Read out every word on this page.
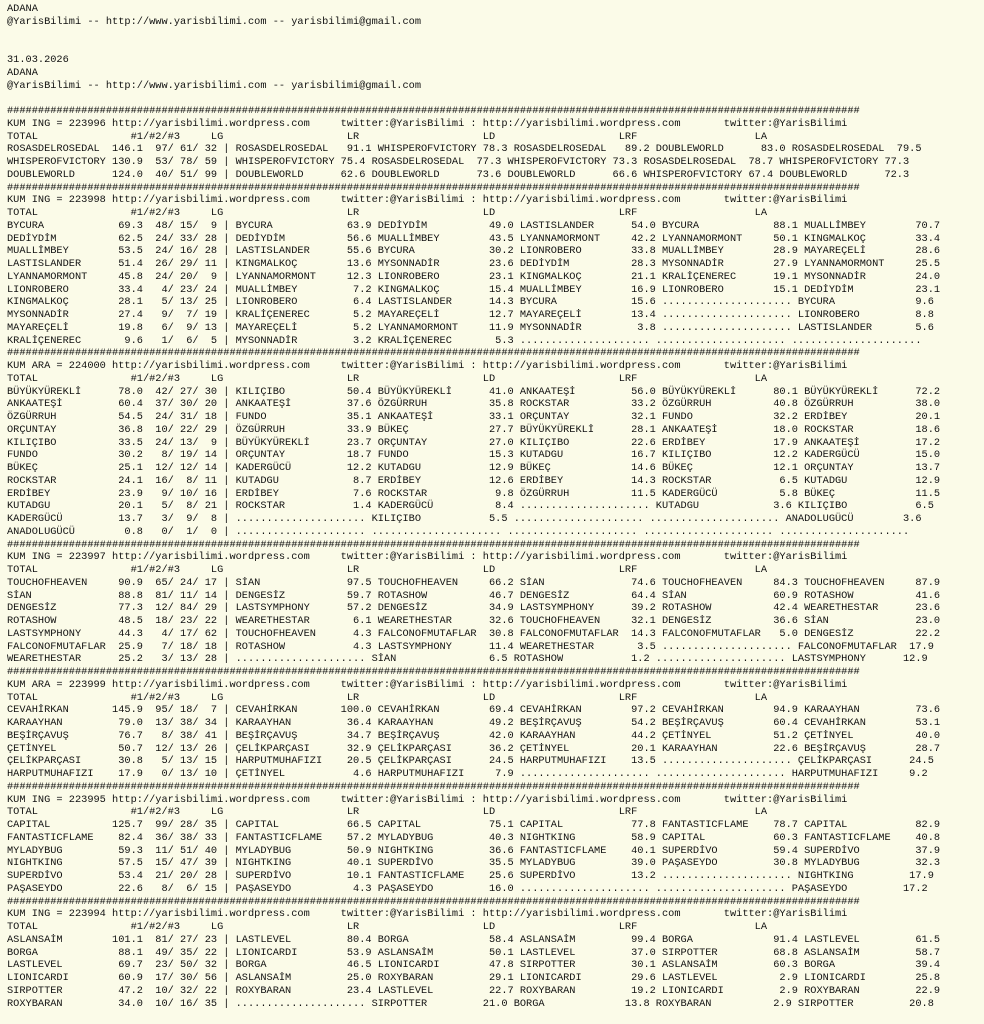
ADANA
@YarisBilimi -- http://www.yarisbilimi.com -- yarisbilimi@gmail.com
31.03.2026
ADANA
@YarisBilimi -- http://www.yarisbilimi.com -- yarisbilimi@gmail.com
##########################################################################################################################################
KUM ING = 223996 http://yarisbilimi.wordpress.com     twitter:@YarisBilimi : http://yarisbilimi.wordpress.com       twitter:@YarisBilimi
TOTAL               #1/#2/#3     LG                    LR                    LD                    LRF                   LA
ROSASDELROSEDAL  146.1  97/ 61/ 32 | ROSASDELROSEDAL   91.1 WHISPEROFVICTORY 78.3 ROSASDELROSEDAL   89.2 DOUBLEWORLD      83.0 ROSASDELROSEDAL  79.5
WHISPEROFVICTORY 130.9  53/ 78/ 59 | WHISPEROFVICTORY 75.4 ROSASDELROSEDAL  77.3 WHISPEROFVICTORY 73.3 ROSASDELROSEDAL  78.7 WHISPEROFVICTORY 77.3
DOUBLEWORLD      124.0  40/ 51/ 99 | DOUBLEWORLD      62.6 DOUBLEWORLD      73.6 DOUBLEWORLD      66.6 WHISPEROFVICTORY 67.4 DOUBLEWORLD      72.3
##########################################################################################################################################
KUM ING = 223998 http://yarisbilimi.wordpress.com     twitter:@YarisBilimi : http://yarisbilimi.wordpress.com       twitter:@YarisBilimi
TOTAL               #1/#2/#3     LG                    LR                    LD                    LRF                   LA
BYCURA            69.3  48/ 15/  9 | BYCURA            63.9 DEDİYDİM          49.0 LASTISLANDER      54.0 BYCURA            88.1 MUALLİMBEY        70.7
DEDİYDİM          62.5  24/ 33/ 28 | DEDİYDİM          56.6 MUALLİMBEY        43.5 LYANNAMORMONT     42.2 LYANNAMORMONT     50.1 KINGMALKOÇ        33.4
MUALLİMBEY        53.5  24/ 16/ 28 | LASTISLANDER      55.6 BYCURA            30.2 LIONROBERO        33.8 MUALLİMBEY        28.9 MAYAREÇELİ        28.6
LASTISLANDER      51.4  26/ 29/ 11 | KINGMALKOÇ        13.6 MYSONNADİR        23.6 DEDİYDİM          28.3 MYSONNADİR        27.9 LYANNAMORMONT     25.5
LYANNAMORMONT     45.8  24/ 20/  9 | LYANNAMORMONT     12.3 LIONROBERO        23.1 KINGMALKOÇ        21.1 KRALİÇENEREC      19.1 MYSONNADİR        24.0
LIONROBERO        33.4   4/ 23/ 24 | MUALLİMBEY         7.2 KINGMALKOÇ        15.4 MUALLİMBEY        16.9 LIONROBERO        15.1 DEDİYDİM          23.1
KINGMALKOÇ        28.1   5/ 13/ 25 | LIONROBERO         6.4 LASTISLANDER      14.3 BYCURA            15.6 ..................... BYCURA             9.6
MYSONNADİR        27.4   9/  7/ 19 | KRALİÇENEREC       5.2 MAYAREÇELİ        12.7 MAYAREÇELİ        13.4 ..................... LIONROBERO         8.8
MAYAREÇELİ        19.8   6/  9/ 13 | MAYAREÇELİ         5.2 LYANNAMORMONT     11.9 MYSONNADİR         3.8 ..................... LASTISLANDER       5.6
KRALİÇENEREC       9.6   1/  6/  5 | MYSONNADİR         3.2 KRALİÇENEREC       5.3 ..................... ..................... .....................
##########################################################################################################################################
KUM ARA = 224000 http://yarisbilimi.wordpress.com     twitter:@YarisBilimi : http://yarisbilimi.wordpress.com       twitter:@YarisBilimi
TOTAL               #1/#2/#3     LG                    LR                    LD                    LRF                   LA
BÜYÜKYÜREKLİ      78.0  42/ 27/ 30 | KILIÇIBO          50.4 BÜYÜKYÜREKLİ      41.0 ANKAATEŞİ         56.0 BÜYÜKYÜREKLİ      80.1 BÜYÜKYÜREKLİ      72.2
ANKAATEŞİ         60.4  37/ 30/ 20 | ANKAATEŞİ         37.6 ÖZGÜRRUH          35.8 ROCKSTAR          33.2 ÖZGÜRRUH          40.8 ÖZGÜRRUH          38.0
ÖZGÜRRUH          54.5  24/ 31/ 18 | FUNDO             35.1 ANKAATEŞİ         33.1 ORÇUNTAY          32.1 FUNDO             32.2 ERDİBEY           20.1
ORÇUNTAY          36.8  10/ 22/ 29 | ÖZGÜRRUH          33.9 BÜKEÇ             27.7 BÜYÜKYÜREKLİ      28.1 ANKAATEŞİ         18.0 ROCKSTAR          18.6
KILIÇIBO          33.5  24/ 13/  9 | BÜYÜKYÜREKLİ      23.7 ORÇUNTAY          27.0 KILIÇIBO          22.6 ERDİBEY           17.9 ANKAATEŞİ         17.2
FUNDO             30.2   8/ 19/ 14 | ORÇUNTAY          18.7 FUNDO             15.3 KUTADGU           16.7 KILIÇIBO          12.2 KADERGÜCÜ         15.0
BÜKEÇ             25.1  12/ 12/ 14 | KADERGÜCÜ         12.2 KUTADGU           12.9 BÜKEÇ             14.6 BÜKEÇ             12.1 ORÇUNTAY          13.7
ROCKSTAR          24.1  16/  8/ 11 | KUTADGU            8.7 ERDİBEY           12.6 ERDİBEY           14.3 ROCKSTAR           6.5 KUTADGU           12.9
ERDİBEY           23.9   9/ 10/ 16 | ERDİBEY            7.6 ROCKSTAR           9.8 ÖZGÜRRUH          11.5 KADERGÜCÜ          5.8 BÜKEÇ             11.5
KUTADGU           20.1   5/  8/ 21 | ROCKSTAR           1.4 KADERGÜCÜ          8.4 ..................... KUTADGU            3.6 KILIÇIBO           6.5
KADERGÜCÜ         13.7   3/  9/  8 | ..................... KILIÇIBO           5.5 ..................... ..................... ANADOLUGÜCÜ        3.6
ANADOLUGÜCÜ        0.8   0/  1/  0 | ..................... ..................... ..................... ..................... .....................
##########################################################################################################################################
KUM ING = 223997 http://yarisbilimi.wordpress.com     twitter:@YarisBilimi : http://yarisbilimi.wordpress.com       twitter:@YarisBilimi
TOTAL               #1/#2/#3     LG                    LR                    LD                    LRF                   LA
TOUCHOFHEAVEN     90.9  65/ 24/ 17 | SİAN              97.5 TOUCHOFHEAVEN     66.2 SİAN              74.6 TOUCHOFHEAVEN     84.3 TOUCHOFHEAVEN     87.9
SİAN              88.8  81/ 11/ 14 | DENGESİZ          59.7 ROTASHOW          46.7 DENGESİZ          64.4 SİAN              60.9 ROTASHOW          41.6
DENGESİZ          77.3  12/ 84/ 29 | LASTSYMPHONY      57.2 DENGESİZ          34.9 LASTSYMPHONY      39.2 ROTASHOW          42.4 WEARETHESTAR      23.6
ROTASHOW          48.5  18/ 23/ 22 | WEARETHESTAR       6.1 WEARETHESTAR      32.6 TOUCHOFHEAVEN     32.1 DENGESİZ          36.6 SİAN              23.0
LASTSYMPHONY      44.3   4/ 17/ 62 | TOUCHOFHEAVEN      4.3 FALCONOFMUTAFLAR  30.8 FALCONOFMUTAFLAR  14.3 FALCONOFMUTAFLAR   5.0 DENGESİZ          22.2
FALCONOFMUTAFLAR  25.9   7/ 18/ 18 | ROTASHOW           4.3 LASTSYMPHONY      11.4 WEARETHESTAR       3.5 ..................... FALCONOFMUTAFLAR  17.9
WEARETHESTAR      25.2   3/ 13/ 28 | ..................... SİAN               6.5 ROTASHOW           1.2 ..................... LASTSYMPHONY      12.9
##########################################################################################################################################
KUM ARA = 223999 http://yarisbilimi.wordpress.com     twitter:@YarisBilimi : http://yarisbilimi.wordpress.com       twitter:@YarisBilimi
TOTAL               #1/#2/#3     LG                    LR                    LD                    LRF                   LA
CEVAHİRKAN       145.9  95/ 18/  7 | CEVAHİRKAN       100.0 CEVAHİRKAN        69.4 CEVAHİRKAN        97.2 CEVAHİRKAN        94.9 KARAAYHAN         73.6
KARAAYHAN         79.0  13/ 38/ 34 | KARAAYHAN         36.4 KARAAYHAN         49.2 BEŞİRÇAVUŞ        54.2 BEŞİRÇAVUŞ        60.4 CEVAHİRKAN        53.1
BEŞİRÇAVUŞ        76.7   8/ 38/ 41 | BEŞİRÇAVUŞ        34.7 BEŞİRÇAVUŞ        42.0 KARAAYHAN         44.2 ÇETİNYEL          51.2 ÇETİNYEL          40.0
ÇETİNYEL          50.7  12/ 13/ 26 | ÇELİKPARÇASI      32.9 ÇELİKPARÇASI      36.2 ÇETİNYEL          20.1 KARAAYHAN         22.6 BEŞİRÇAVUŞ        28.7
ÇELİKPARÇASI      30.8   5/ 13/ 15 | HARPUTMUHAFIZI    20.5 ÇELİKPARÇASI      24.5 HARPUTMUHAFIZI    13.5 ..................... ÇELİKPARÇASI      24.5
HARPUTMUHAFIZI    17.9   0/ 13/ 10 | ÇETİNYEL           4.6 HARPUTMUHAFIZI     7.9 ..................... ..................... HARPUTMUHAFIZI     9.2
##########################################################################################################################################
KUM ING = 223995 http://yarisbilimi.wordpress.com     twitter:@YarisBilimi : http://yarisbilimi.wordpress.com       twitter:@YarisBilimi
TOTAL               #1/#2/#3     LG                    LR                    LD                    LRF                   LA
CAPITAL          125.7  99/ 28/ 35 | CAPITAL           66.5 CAPITAL           75.1 CAPITAL           77.8 FANTASTICFLAME    78.7 CAPITAL           82.9
FANTASTICFLAME    82.4  36/ 38/ 33 | FANTASTICFLAME    57.2 MYLADYBUG         40.3 NIGHTKING         58.9 CAPITAL           60.3 FANTASTICFLAME    40.8
MYLADYBUG         59.3  11/ 51/ 40 | MYLADYBUG         50.9 NIGHTKING         36.6 FANTASTICFLAME    40.1 SUPERDİVO         59.4 SUPERDİVO         37.9
NIGHTKING         57.5  15/ 47/ 39 | NIGHTKING         40.1 SUPERDİVO         35.5 MYLADYBUG         39.0 PAŞASEYDO         30.8 MYLADYBUG         32.3
SUPERDİVO         53.4  21/ 20/ 28 | SUPERDİVO         10.1 FANTASTICFLAME    25.6 SUPERDİVO         13.2 ..................... NIGHTKING         17.9
PAŞASEYDO         22.6   8/  6/ 15 | PAŞASEYDO          4.3 PAŞASEYDO         16.0 ..................... ..................... PAŞASEYDO         17.2
##########################################################################################################################################
KUM ING = 223994 http://yarisbilimi.wordpress.com     twitter:@YarisBilimi : http://yarisbilimi.wordpress.com       twitter:@YarisBilimi
TOTAL               #1/#2/#3     LG                    LR                    LD                    LRF                   LA
ASLANSAİM        101.1  81/ 27/ 23 | LASTLEVEL         80.4 BORGA             58.4 ASLANSAİM         99.4 BORGA             91.4 LASTLEVEL         61.5
BORGA             88.1  49/ 35/ 22 | LIONICARDI        53.9 ASLANSAİM         50.1 LASTLEVEL         37.0 SIRPOTTER         68.8 ASLANSAİM         58.7
LASTLEVEL         69.7  23/ 50/ 32 | BORGA             46.5 LIONICARDI        47.8 SIRPOTTER         30.1 ASLANSAİM         60.3 BORGA             39.4
LIONICARDI        60.9  17/ 30/ 56 | ASLANSAİM         25.0 ROXYBARAN         29.1 LIONICARDI        29.6 LASTLEVEL          2.9 LIONICARDI        25.8
SIRPOTTER         47.2  10/ 32/ 22 | ROXYBARAN         23.4 LASTLEVEL         22.7 ROXYBARAN         19.2 LIONICARDI         2.9 ROXYBARAN         22.9
ROXYBARAN         34.0  10/ 16/ 35 | ..................... SIRPOTTER         21.0 BORGA             13.8 ROXYBARAN          2.9 SIRPOTTER         20.8
